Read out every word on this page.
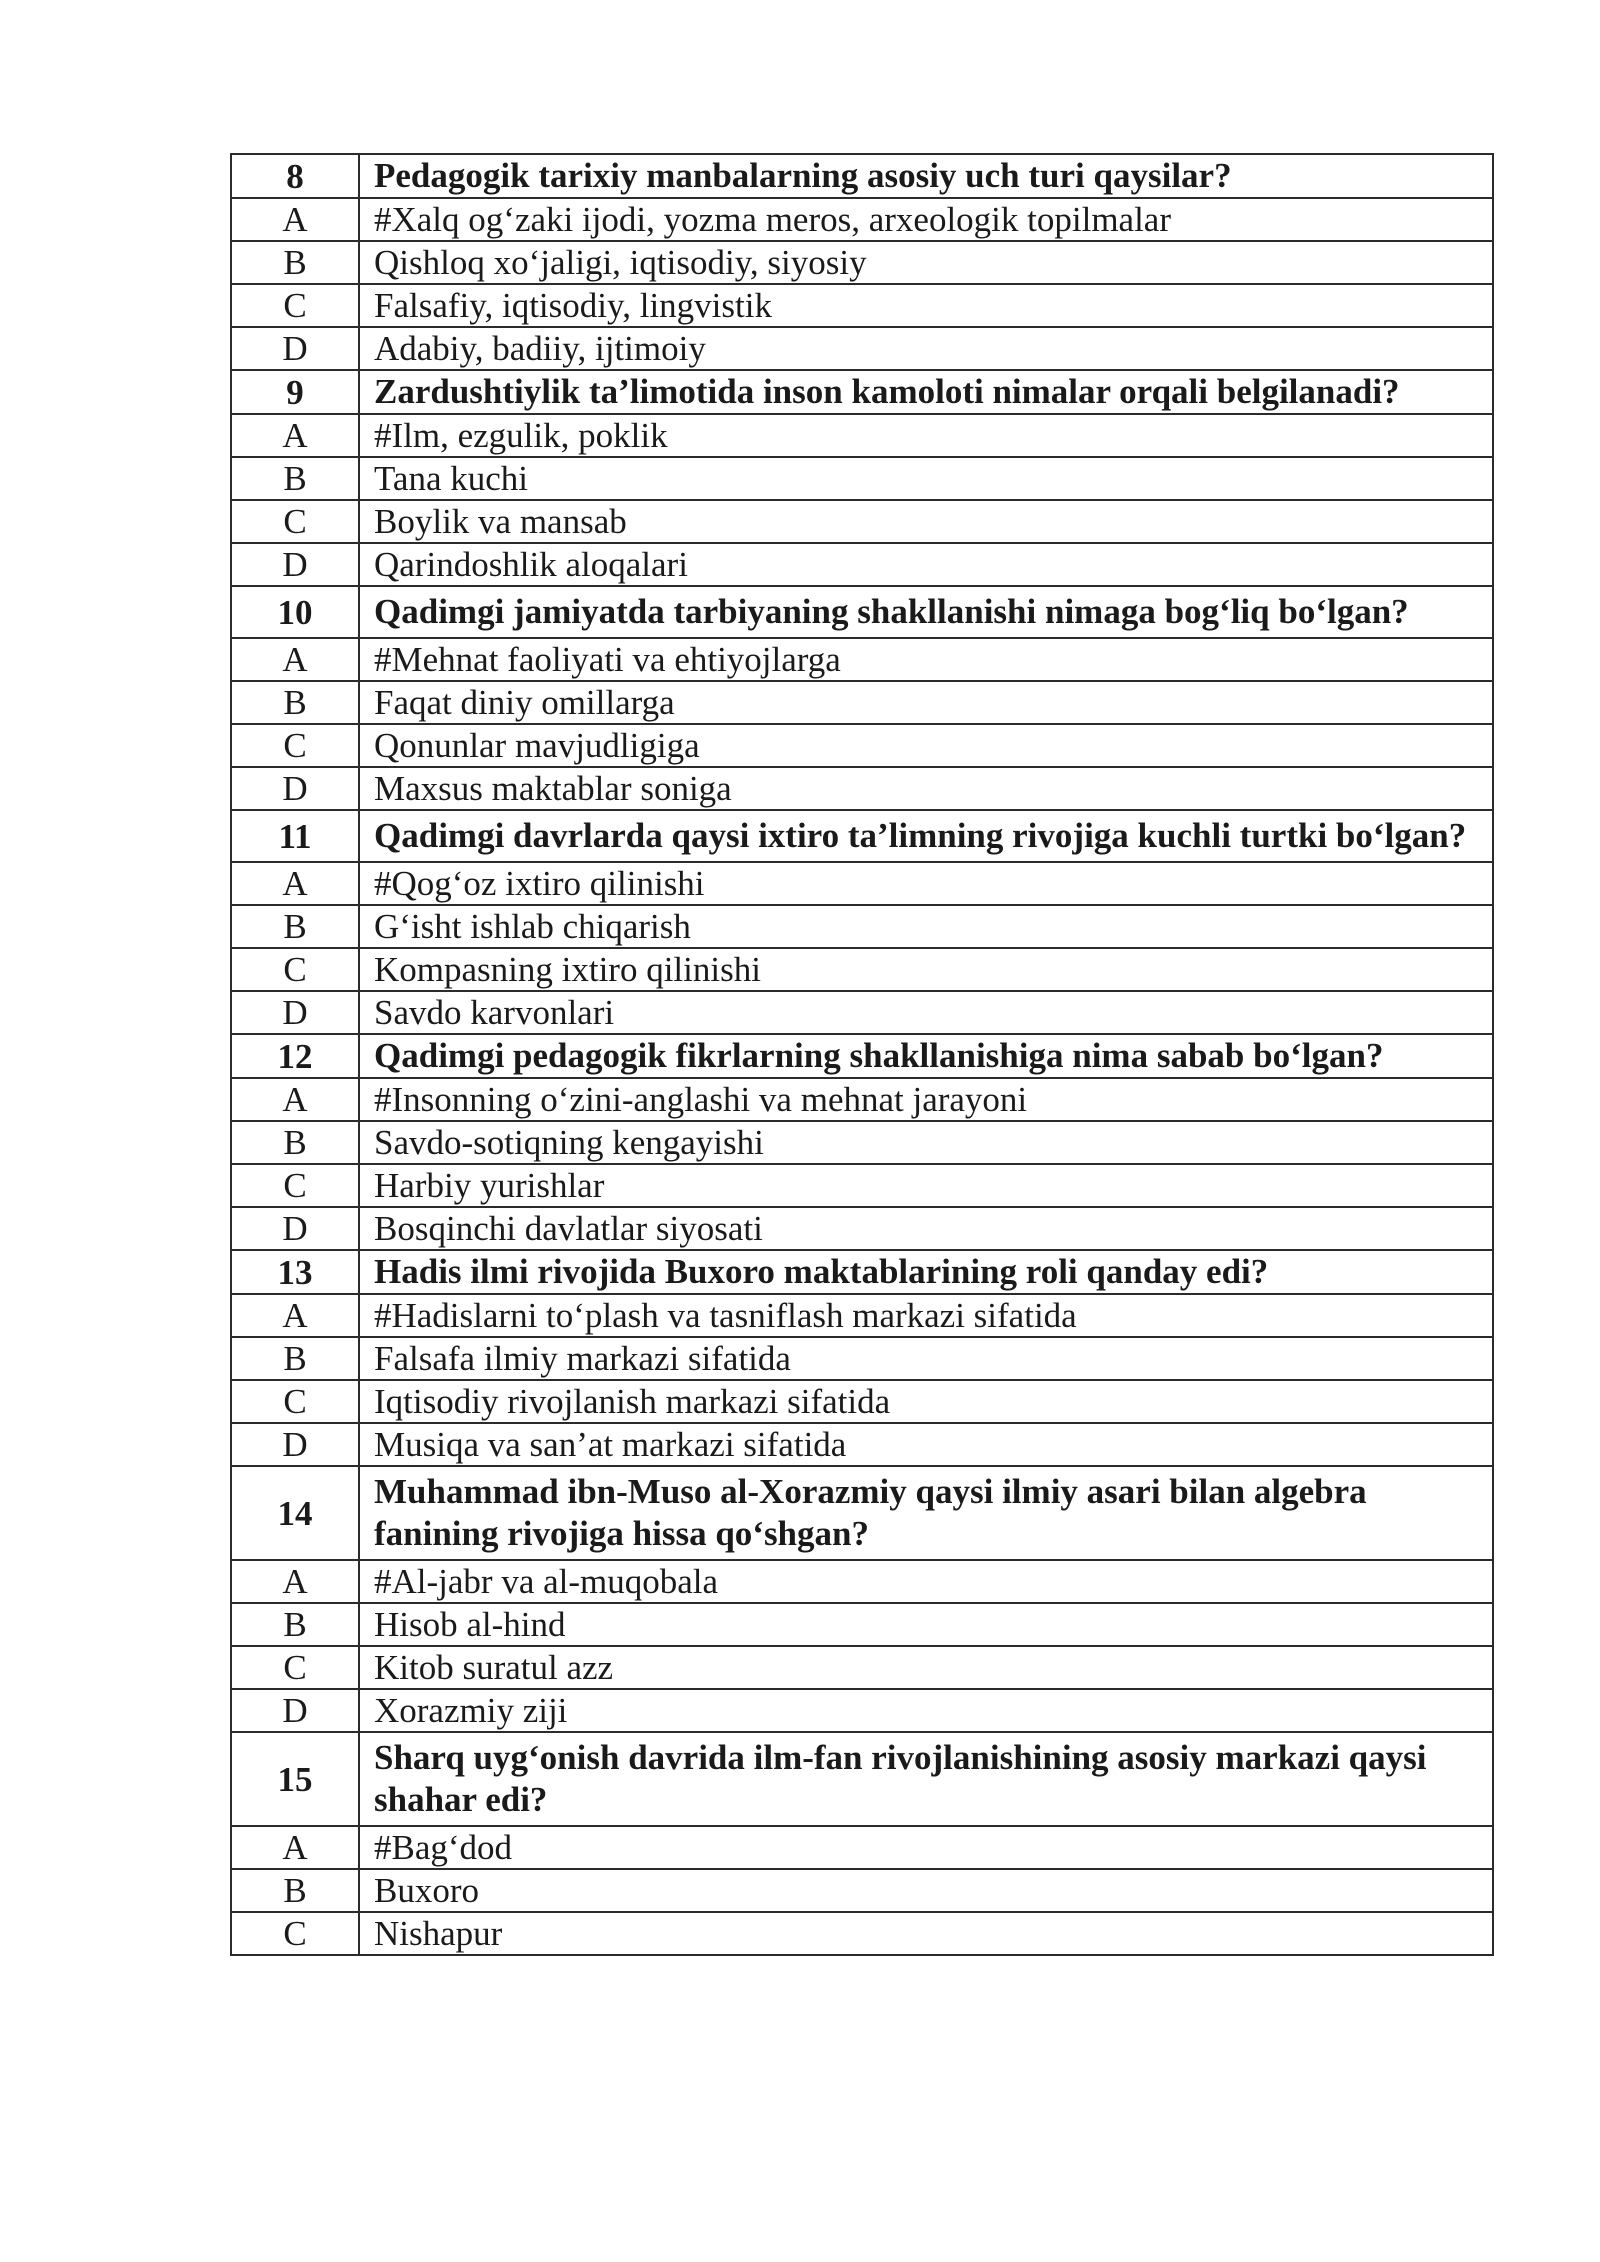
8	Pedagogik tarixiy manbalarning asosiy uch turi qaysilar?
A	#Xalq og‘zaki ijodi, yozma meros, arxeologik topilmalar
B	Qishloq xo‘jaligi, iqtisodiy, siyosiy
C	Falsafiy, iqtisodiy, lingvistik
D	Adabiy, badiiy, ijtimoiy
9	Zardushtiylik ta’limotida inson kamoloti nimalar orqali belgilanadi?
A	#Ilm, ezgulik, poklik
B	Tana kuchi
C	Boylik va mansab
D	Qarindoshlik aloqalari
10	Qadimgi jamiyatda tarbiyaning shakllanishi nimaga bog‘liq bo‘lgan?
A	#Mehnat faoliyati va ehtiyojlarga
B	Faqat diniy omillarga
C	Qonunlar mavjudligiga
D	Maxsus maktablar soniga
11	Qadimgi davrlarda qaysi ixtiro ta’limning rivojiga kuchli turtki bo‘lgan?
A	#Qog‘oz ixtiro qilinishi
B	G‘isht ishlab chiqarish
C	Kompasning ixtiro qilinishi
D	Savdo karvonlari
12	Qadimgi pedagogik fikrlarning shakllanishiga nima sabab bo‘lgan?
A	#Insonning o‘zini-anglashi va mehnat jarayoni
B	Savdo-sotiqning kengayishi
C	Harbiy yurishlar
D	Bosqinchi davlatlar siyosati
13	Hadis ilmi rivojida Buxoro maktablarining roli qanday edi?
A	#Hadislarni to‘plash va tasniflash markazi sifatida
B	Falsafa ilmiy markazi sifatida
C	Iqtisodiy rivojlanish markazi sifatida
D	Musiqa va san’at markazi sifatida
14	Muhammad ibn-Muso al-Xorazmiy qaysi ilmiy asari bilan algebra fanining rivojiga hissa qo‘shgan?
A	#Al-jabr va al-muqobala
B	Hisob al-hind
C	Kitob suratul azz
D	Xorazmiy ziji
15	Sharq uyg‘onish davrida ilm-fan rivojlanishining asosiy markazi qaysi shahar edi?
A	#Bag‘dod
B	Buxoro
C	Nishapur
